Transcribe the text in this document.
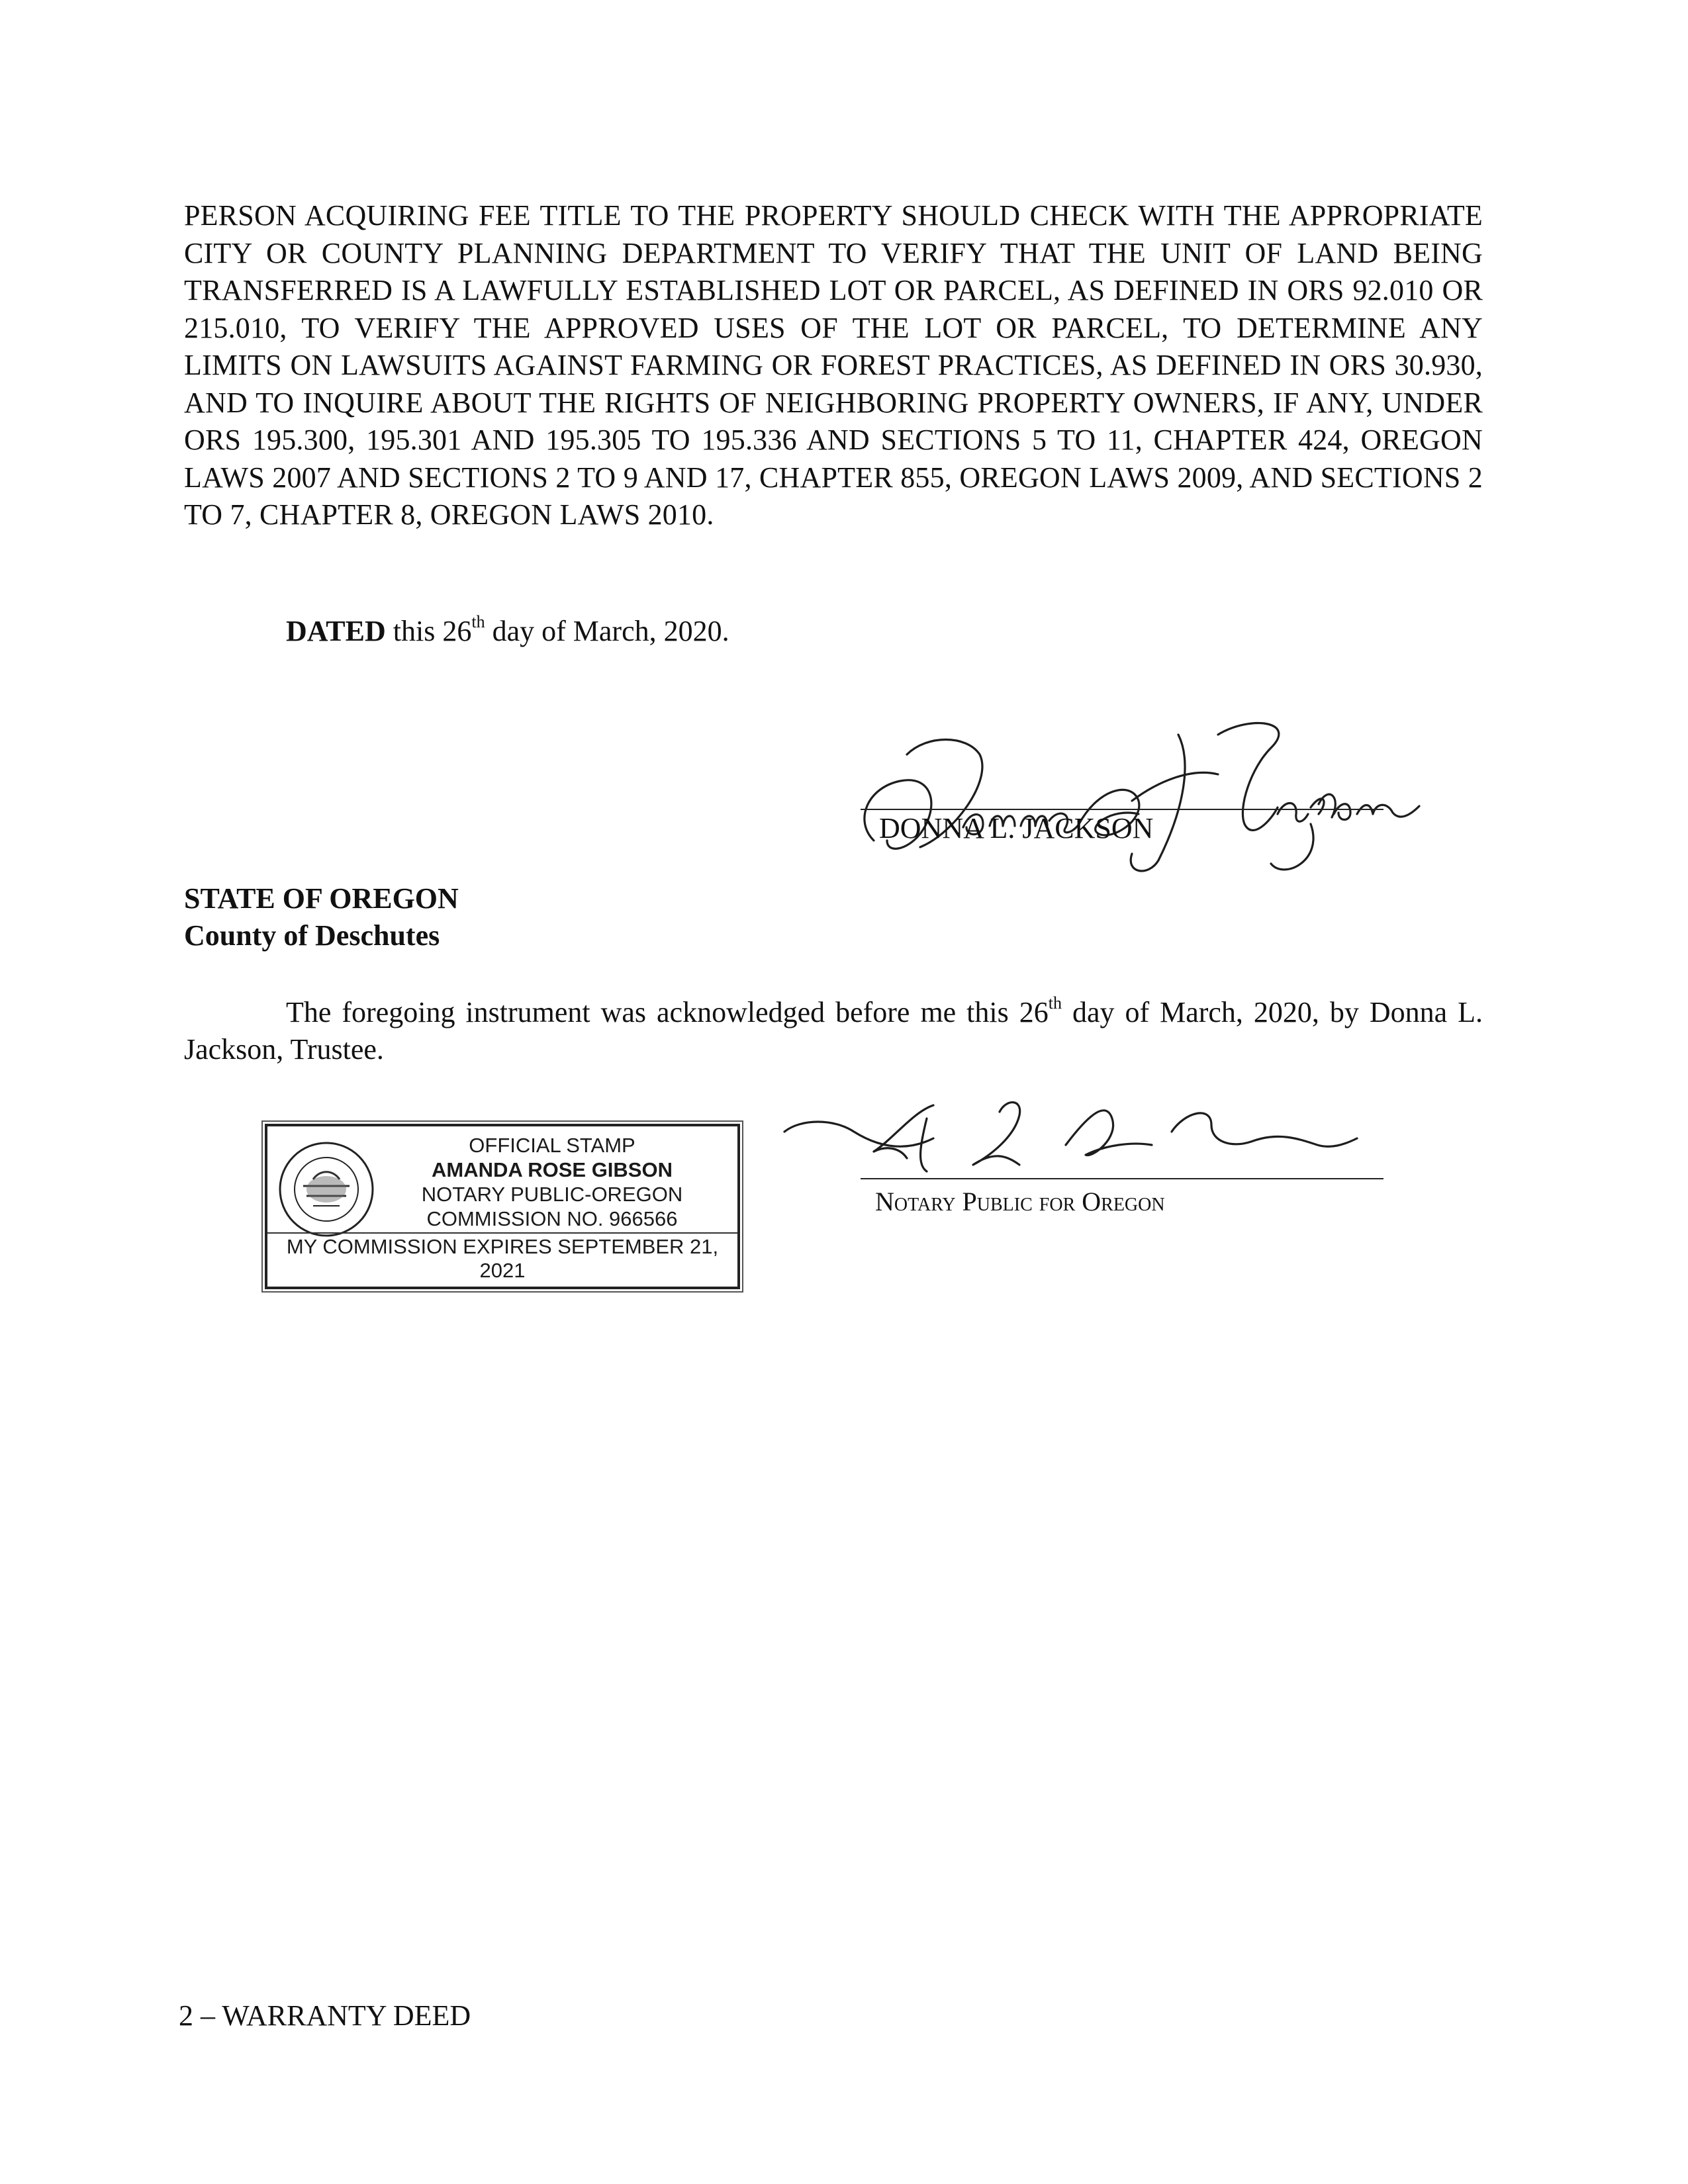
PERSON ACQUIRING FEE TITLE TO THE PROPERTY SHOULD CHECK WITH THE APPROPRIATE CITY OR COUNTY PLANNING DEPARTMENT TO VERIFY THAT THE UNIT OF LAND BEING TRANSFERRED IS A LAWFULLY ESTABLISHED LOT OR PARCEL, AS DEFINED IN ORS 92.010 OR 215.010, TO VERIFY THE APPROVED USES OF THE LOT OR PARCEL, TO DETERMINE ANY LIMITS ON LAWSUITS AGAINST FARMING OR FOREST PRACTICES, AS DEFINED IN ORS 30.930, AND TO INQUIRE ABOUT THE RIGHTS OF NEIGHBORING PROPERTY OWNERS, IF ANY, UNDER ORS 195.300, 195.301 AND 195.305 TO 195.336 AND SECTIONS 5 TO 11, CHAPTER 424, OREGON LAWS 2007 AND SECTIONS 2 TO 9 AND 17, CHAPTER 855, OREGON LAWS 2009, AND SECTIONS 2 TO 7, CHAPTER 8, OREGON LAWS 2010.

DATED this 26th day of March, 2020.

DONNA L. JACKSON
STATE OF OREGON
County of Deschutes

The foregoing instrument was acknowledged before me this 26th day of March, 2020, by Donna L. Jackson, Trustee.

OFFICIAL STAMP
AMANDA ROSE GIBSON
NOTARY PUBLIC-OREGON
COMMISSION NO. 966566
MY COMMISSION EXPIRES SEPTEMBER 21, 2021
Notary Public for Oregon
2 – WARRANTY DEED
